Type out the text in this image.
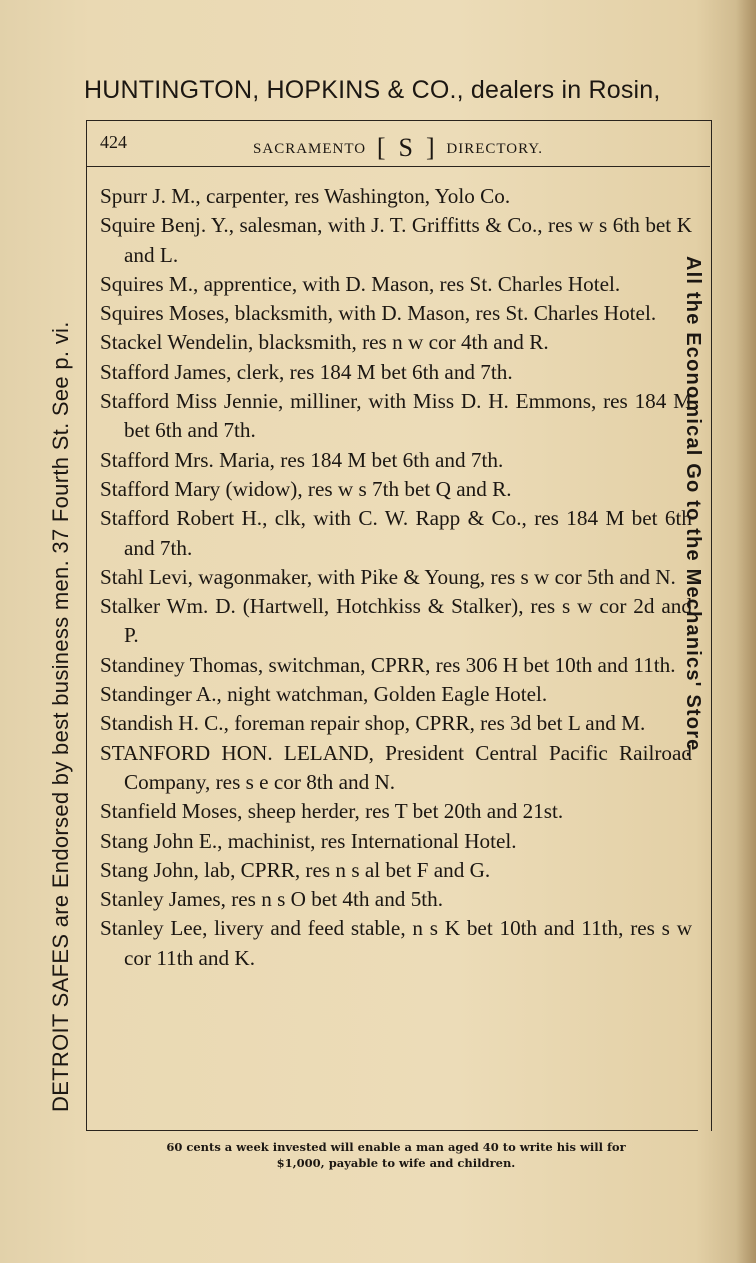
HUNTINGTON, HOPKINS & CO., dealers in Rosin,
DETROIT SAFES are Endorsed by best business men. 37 Fourth St. See p. vi.	All the Economical Go to the Mechanics' Store.
424	SACRAMENTO [ S ] DIRECTORY.
Spurr J. M., carpenter, res Washington, Yolo Co.
Squire Benj. Y., salesman, with J. T. Griffitts & Co., res w s 6th bet K and L.
Squires M., apprentice, with D. Mason, res St. Charles Hotel.
Squires Moses, blacksmith, with D. Mason, res St. Charles Hotel.
Stackel Wendelin, blacksmith, res n w cor 4th and R.
Stafford James, clerk, res 184 M bet 6th and 7th.
Stafford Miss Jennie, milliner, with Miss D. H. Emmons, res 184 M bet 6th and 7th.
Stafford Mrs. Maria, res 184 M bet 6th and 7th.
Stafford Mary (widow), res w s 7th bet Q and R.
Stafford Robert H., clk, with C. W. Rapp & Co., res 184 M bet 6th and 7th.
Stahl Levi, wagonmaker, with Pike & Young, res s w cor 5th and N.
Stalker Wm. D. (Hartwell, Hotchkiss & Stalker), res s w cor 2d and P.
Standiney Thomas, switchman, CPRR, res 306 H bet 10th and 11th.
Standinger A., night watchman, Golden Eagle Hotel.
Standish H. C., foreman repair shop, CPRR, res 3d bet L and M.
STANFORD HON. LELAND, President Central Pacific Railroad Company, res s e cor 8th and N.
Stanfield Moses, sheep herder, res T bet 20th and 21st.
Stang John E., machinist, res International Hotel.
Stang John, lab, CPRR, res n s al bet F and G.
Stanley James, res n s O bet 4th and 5th.
Stanley Lee, livery and feed stable, n s K bet 10th and 11th, res s w cor 11th and K.
60 cents a week invested will enable a man aged 40 to write his will for
$1,000, payable to wife and children.
